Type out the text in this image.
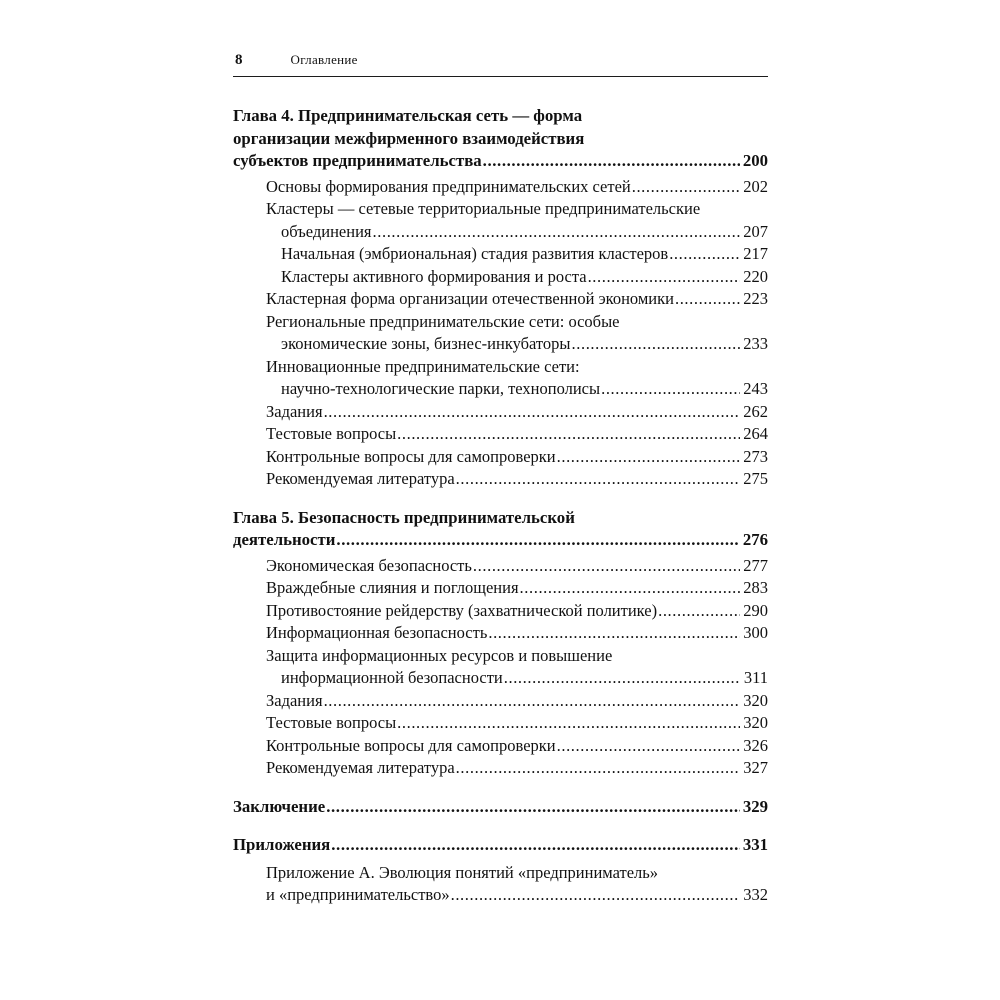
8	Оглавление
Глава 4. Предпринимательская сеть — форма
организации межфирменного взаимодействия
субъектов предпринимательства .....	200
Основы формирования предпринимательских сетей .....	202
Кластеры — сетевые территориальные предпринимательские
объединения .....	207
Начальная (эмбриональная) стадия развития кластеров .....	217
Кластеры активного формирования и роста .....	220
Кластерная форма организации отечественной экономики .....	223
Региональные предпринимательские сети: особые
экономические зоны, бизнес-инкубаторы .....	233
Инновационные предпринимательские сети:
научно-технологические парки, технополисы .....	243
Задания .....	262
Тестовые вопросы .....	264
Контрольные вопросы для самопроверки .....	273
Рекомендуемая литература .....	275
Глава 5. Безопасность предпринимательской
деятельности .....	276
Экономическая безопасность .....	277
Враждебные слияния и поглощения .....	283
Противостояние рейдерству (захватнической политике) .....	290
Информационная безопасность .....	300
Защита информационных ресурсов и повышение
информационной безопасности .....	311
Задания .....	320
Тестовые вопросы .....	320
Контрольные вопросы для самопроверки .....	326
Рекомендуемая литература .....	327
Заключение .....	329
Приложения .....	331
Приложение А. Эволюция понятий «предприниматель»
и «предпринимательство» .....	332
